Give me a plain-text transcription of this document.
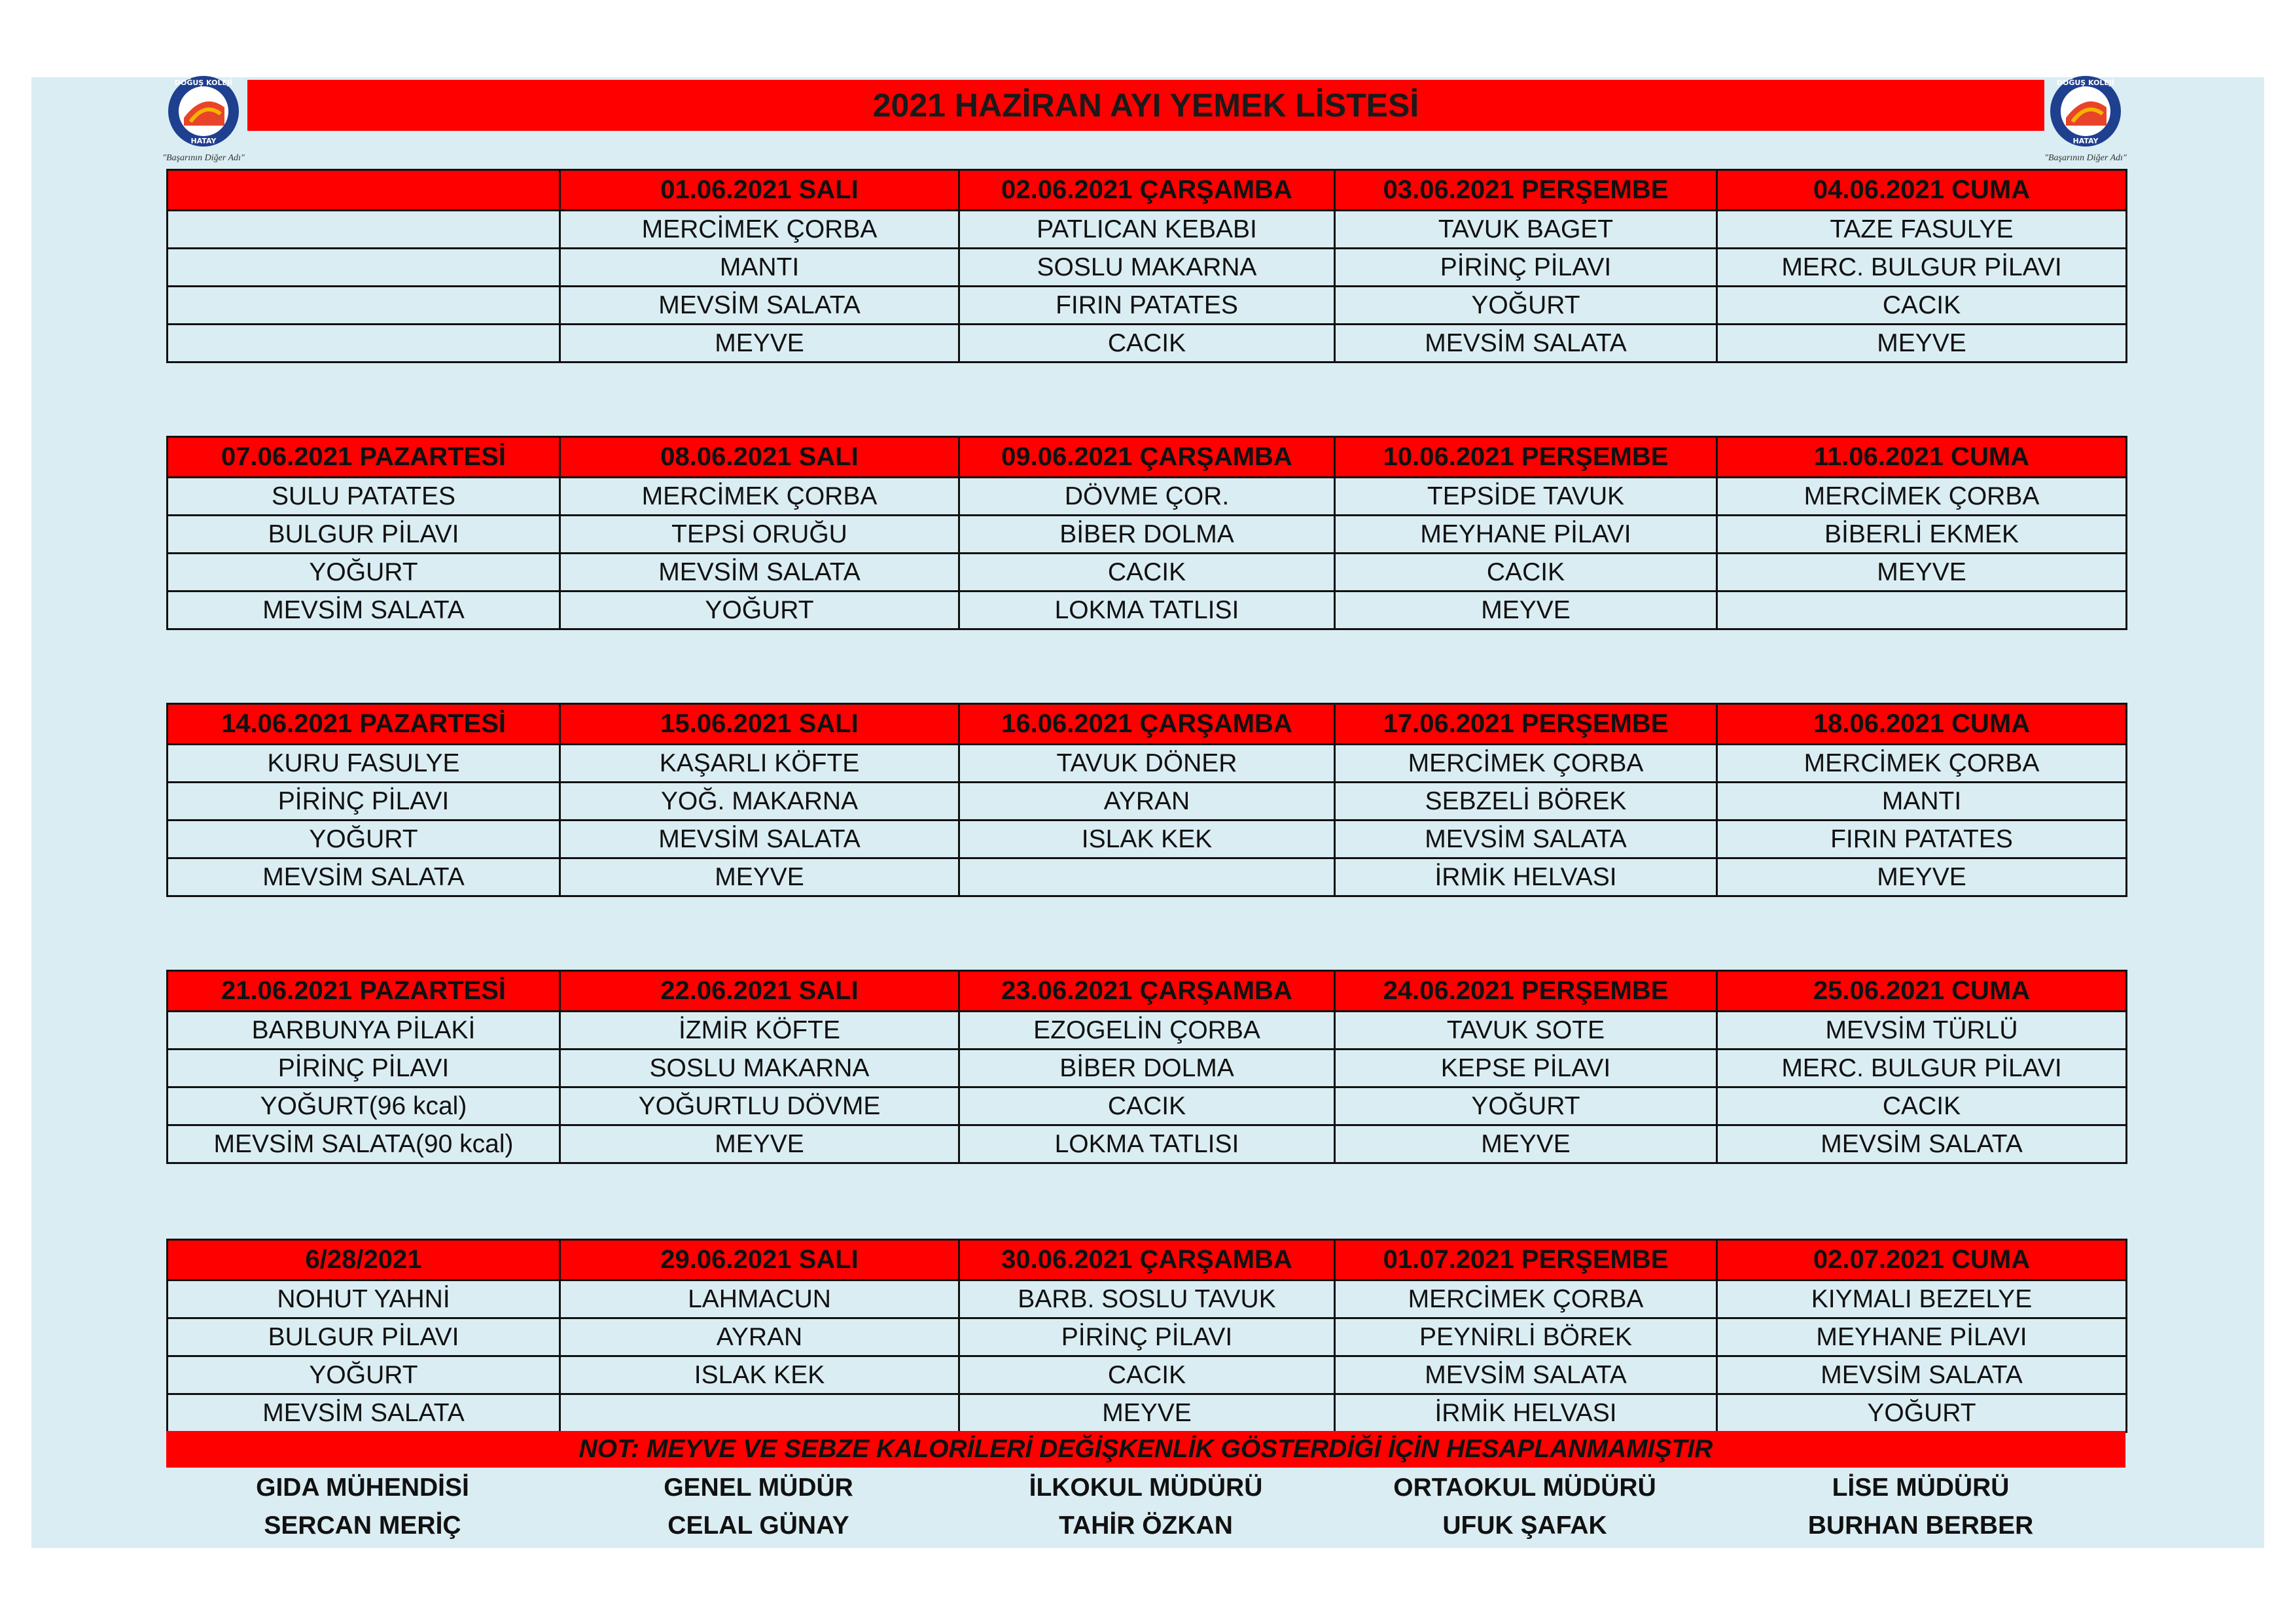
DOĞUŞ KOLEJİ
HATAY
"Başarının Diğer Adı"
2021 HAZİRAN AYI YEMEK LİSTESİ
DOĞUŞ KOLEJİ
HATAY
"Başarının Diğer Adı"
	01.06.2021 SALI	02.06.2021 ÇARŞAMBA	03.06.2021 PERŞEMBE	04.06.2021 CUMA
	MERCİMEK ÇORBA	PATLICAN KEBABI	TAVUK BAGET	TAZE FASULYE
	MANTI	SOSLU MAKARNA	PİRİNÇ PİLAVI	MERC. BULGUR PİLAVI
	MEVSİM SALATA	FIRIN PATATES	YOĞURT	CACIK
	MEYVE	CACIK	MEVSİM SALATA	MEYVE
07.06.2021 PAZARTESİ	08.06.2021 SALI	09.06.2021 ÇARŞAMBA	10.06.2021 PERŞEMBE	11.06.2021 CUMA
SULU PATATES	MERCİMEK ÇORBA	DÖVME ÇOR.	TEPSİDE TAVUK	MERCİMEK ÇORBA
BULGUR PİLAVI	TEPSİ ORUĞU	BİBER DOLMA	MEYHANE PİLAVI	BİBERLİ EKMEK
YOĞURT	MEVSİM SALATA	CACIK	CACIK	MEYVE
MEVSİM SALATA	YOĞURT	LOKMA TATLISI	MEYVE	
14.06.2021 PAZARTESİ	15.06.2021 SALI	16.06.2021 ÇARŞAMBA	17.06.2021 PERŞEMBE	18.06.2021 CUMA
KURU FASULYE	KAŞARLI KÖFTE	TAVUK DÖNER	MERCİMEK ÇORBA	MERCİMEK ÇORBA
PİRİNÇ PİLAVI	YOĞ. MAKARNA	AYRAN	SEBZELİ BÖREK	MANTI
YOĞURT	MEVSİM SALATA	ISLAK KEK	MEVSİM SALATA	FIRIN PATATES
MEVSİM SALATA	MEYVE		İRMİK HELVASI	MEYVE
21.06.2021 PAZARTESİ	22.06.2021 SALI	23.06.2021 ÇARŞAMBA	24.06.2021 PERŞEMBE	25.06.2021 CUMA
BARBUNYA PİLAKİ	İZMİR KÖFTE	EZOGELİN ÇORBA	TAVUK SOTE	MEVSİM TÜRLÜ
PİRİNÇ PİLAVI	SOSLU MAKARNA	BİBER DOLMA	KEPSE PİLAVI	MERC. BULGUR PİLAVI
YOĞURT(96 kcal)	YOĞURTLU DÖVME	CACIK	YOĞURT	CACIK
MEVSİM SALATA(90 kcal)	MEYVE	LOKMA TATLISI	MEYVE	MEVSİM SALATA
6/28/2021	29.06.2021 SALI	30.06.2021 ÇARŞAMBA	01.07.2021 PERŞEMBE	02.07.2021 CUMA
NOHUT YAHNİ	LAHMACUN	BARB. SOSLU TAVUK	MERCİMEK ÇORBA	KIYMALI BEZELYE
BULGUR PİLAVI	AYRAN	PİRİNÇ PİLAVI	PEYNİRLİ BÖREK	MEYHANE PİLAVI
YOĞURT	ISLAK KEK	CACIK	MEVSİM SALATA	MEVSİM SALATA
MEVSİM SALATA		MEYVE	İRMİK HELVASI	YOĞURT
NOT: MEYVE VE SEBZE KALORİLERİ DEĞİŞKENLİK GÖSTERDİĞİ İÇİN HESAPLANMAMIŞTIR
GIDA MÜHENDİSİ	GENEL MÜDÜR	İLKOKUL MÜDÜRÜ	ORTAOKUL MÜDÜRÜ	LİSE MÜDÜRÜ
SERCAN MERİÇ	CELAL GÜNAY	TAHİR ÖZKAN	UFUK ŞAFAK	BURHAN BERBER
